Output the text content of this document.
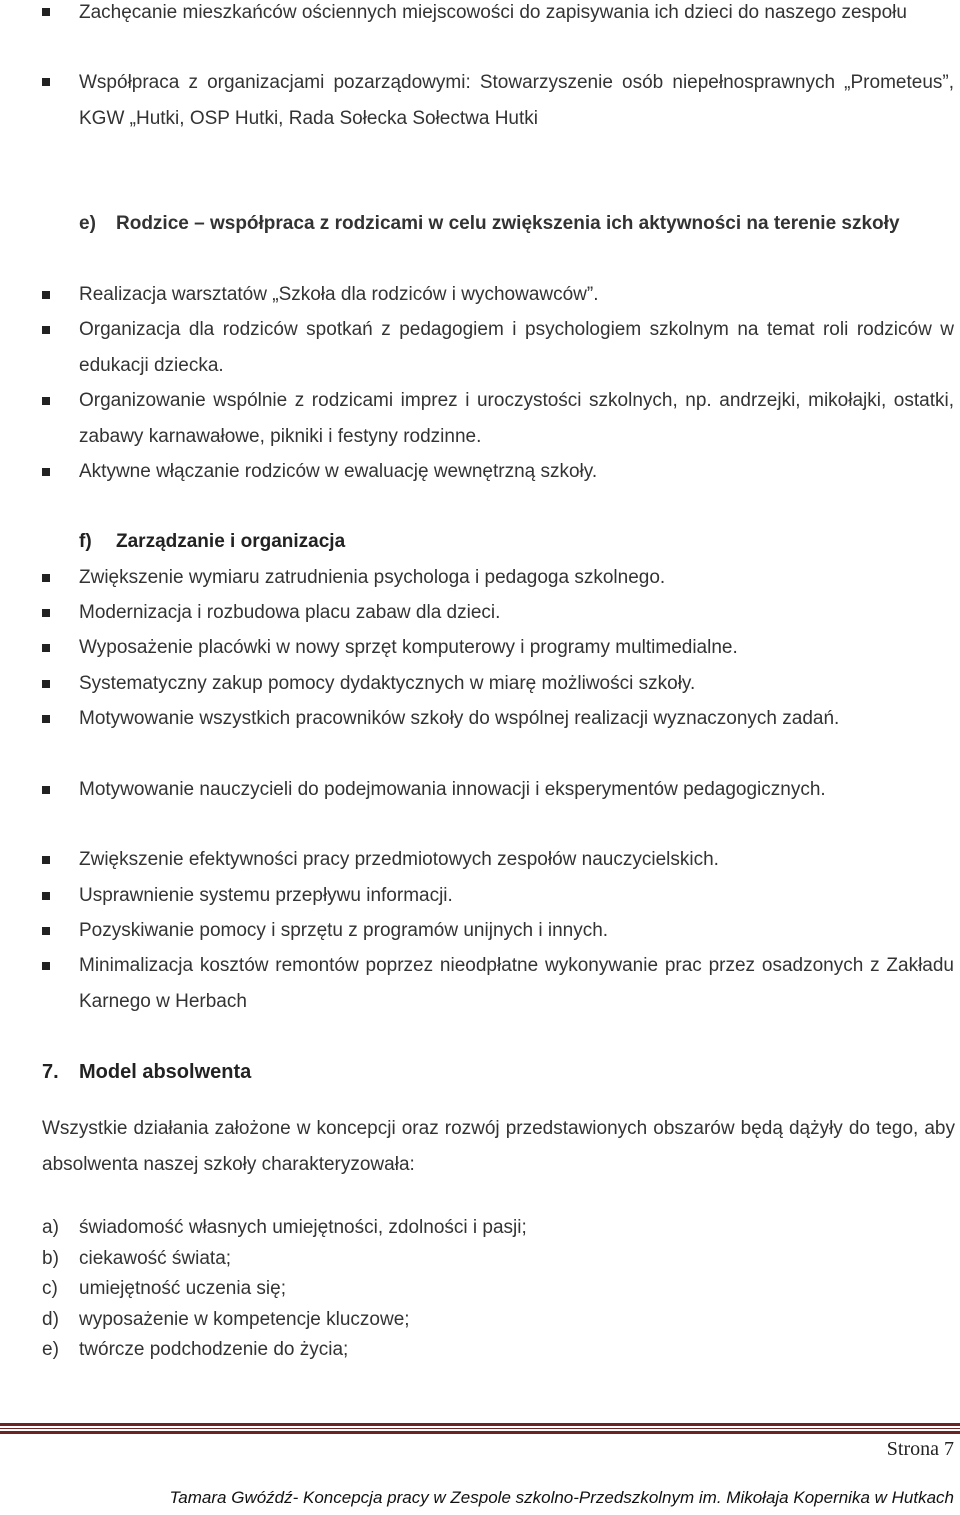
Zachęcanie mieszkańców ościennych miejscowości do zapisywania ich dzieci do naszego zespołu
Współpraca z organizacjami pozarządowymi: Stowarzyszenie osób niepełnosprawnych „Prometeus”, KGW „Hutki, OSP Hutki, Rada Sołecka Sołectwa Hutki
e)	Rodzice – współpraca z rodzicami w celu zwiększenia ich aktywności na terenie szkoły
Realizacja warsztatów „Szkoła dla rodziców i wychowawców”.
Organizacja dla rodziców spotkań z pedagogiem i psychologiem szkolnym na temat roli rodziców w edukacji dziecka.
Organizowanie wspólnie z rodzicami imprez i uroczystości szkolnych, np. andrzejki, mikołajki, ostatki, zabawy karnawałowe, pikniki i festyny rodzinne.
Aktywne włączanie rodziców w ewaluację wewnętrzną szkoły.
f) Zarządzanie i organizacja
Zwiększenie wymiaru zatrudnienia psychologa i pedagoga szkolnego.
Modernizacja i rozbudowa placu zabaw dla dzieci.
Wyposażenie placówki w nowy sprzęt komputerowy i programy multimedialne.
Systematyczny zakup pomocy dydaktycznych w miarę możliwości szkoły.
Motywowanie wszystkich pracowników szkoły do wspólnej realizacji wyznaczonych zadań.
Motywowanie nauczycieli do podejmowania innowacji i eksperymentów pedagogicznych.
Zwiększenie efektywności pracy przedmiotowych zespołów nauczycielskich.
Usprawnienie systemu przepływu informacji.
Pozyskiwanie pomocy i sprzętu z programów unijnych i innych.
Minimalizacja kosztów remontów poprzez nieodpłatne wykonywanie prac przez osadzonych z Zakładu Karnego w Herbach
7. Model absolwenta
Wszystkie działania założone w koncepcji oraz rozwój przedstawionych obszarów będą dążyły do tego, aby absolwenta naszej szkoły charakteryzowała:
a) świadomość własnych umiejętności, zdolności i pasji;
b) ciekawość świata;
c) umiejętność uczenia się;
d) wyposażenie w kompetencje kluczowe;
e) twórcze podchodzenie do życia;
Strona 7
Tamara Gwóźdź- Koncepcja pracy w Zespole szkolno-Przedszkolnym im. Mikołaja Kopernika w Hutkach
